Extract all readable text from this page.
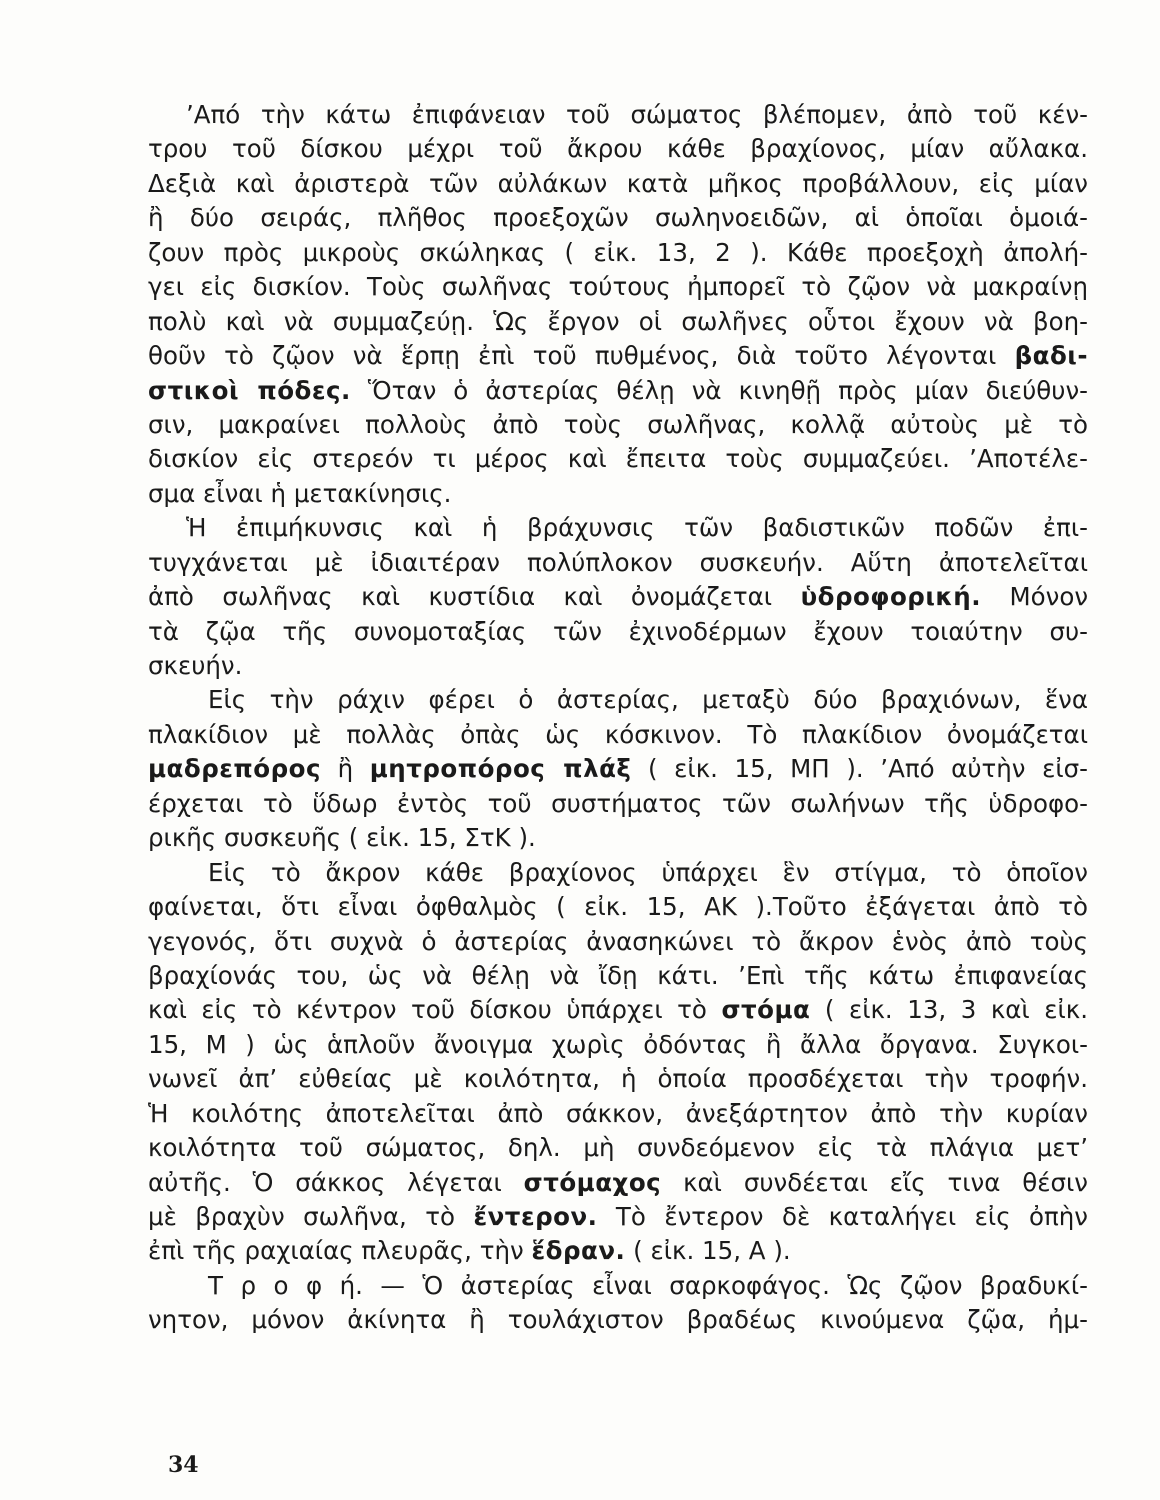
’Από τὴν κάτω ἐπιφάνειαν τοῦ σώματος βλέπομεν, ἀπὸ τοῦ κέν-
τρου τοῦ δίσκου μέχρι τοῦ ἄκρου κάθε βραχίονος, μίαν αὔλακα.
Δεξιὰ καὶ ἀριστερὰ τῶν αὐλάκων κατὰ μῆκος προβάλλουν, εἰς μίαν
ἢ δύο σειράς, πλῆθος προεξοχῶν σωληνοειδῶν, αἱ ὁποῖαι ὁμοιά-
ζουν πρὸς μικροὺς σκώληκας ( εἰκ. 13, 2 ). Κάθε προεξοχὴ ἀπολή-
γει εἰς δισκίον. Τοὺς σωλῆνας τούτους ἠμπορεῖ τὸ ζῷον νὰ μακραίνῃ
πολὺ καὶ νὰ συμμαζεύῃ. Ὡς ἔργον οἱ σωλῆνες οὗτοι ἔχουν νὰ βοη-
θοῦν τὸ ζῷον νὰ ἕρπῃ ἐπὶ τοῦ πυθμένος, διὰ τοῦτο λέγονται βαδι-
στικοὶ πόδες. Ὅταν ὁ ἀστερίας θέλῃ νὰ κινηθῇ πρὸς μίαν διεύθυν-
σιν, μακραίνει πολλοὺς ἀπὸ τοὺς σωλῆνας, κολλᾷ αὐτοὺς μὲ τὸ
δισκίον εἰς στερεόν τι μέρος καὶ ἔπειτα τοὺς συμμαζεύει. ’Αποτέλε-
σμα εἶναι ἡ μετακίνησις.
Ἡ ἐπιμήκυνσις καὶ ἡ βράχυνσις τῶν βαδιστικῶν ποδῶν ἐπι-
τυγχάνεται μὲ ἰδιαιτέραν πολύπλοκον συσκευήν. Αὕτη ἀποτελεῖται
ἀπὸ σωλῆνας καὶ κυστίδια καὶ ὀνομάζεται ὑδροφορική. Μόνον
τὰ ζῷα τῆς συνομοταξίας τῶν ἐχινοδέρμων ἔχουν τοιαύτην συ-
σκευήν.
Εἰς τὴν ράχιν φέρει ὁ ἀστερίας, μεταξὺ δύο βραχιόνων, ἕνα
πλακίδιον μὲ πολλὰς ὀπὰς ὡς κόσκινον. Τὸ πλακίδιον ὀνομάζεται
μαδρεπόρος ἢ μητροπόρος πλάξ ( εἰκ. 15, ΜΠ ). ’Από αὐτὴν εἰσ-
έρχεται τὸ ὕδωρ ἐντὸς τοῦ συστήματος τῶν σωλήνων τῆς ὑδροφο-
ρικῆς συσκευῆς ( εἰκ. 15, ΣτΚ ).
Εἰς τὸ ἄκρον κάθε βραχίονος ὑπάρχει ἓν στίγμα, τὸ ὁποῖον
φαίνεται, ὅτι εἶναι ὀφθαλμὸς ( εἰκ. 15, ΑΚ ).Τοῦτο ἐξάγεται ἀπὸ τὸ
γεγονός, ὅτι συχνὰ ὁ ἀστερίας ἀνασηκώνει τὸ ἄκρον ἑνὸς ἀπὸ τοὺς
βραχίονάς του, ὡς νὰ θέλῃ νὰ ἴδῃ κάτι. ’Επὶ τῆς κάτω ἐπιφανείας
καὶ εἰς τὸ κέντρον τοῦ δίσκου ὑπάρχει τὸ στόμα ( εἰκ. 13, 3 καὶ εἰκ.
15, Μ ) ὡς ἁπλοῦν ἄνοιγμα χωρὶς ὀδόντας ἢ ἄλλα ὄργανα. Συγκοι-
νωνεῖ ἀπ’ εὐθείας μὲ κοιλότητα, ἡ ὁποία προσδέχεται τὴν τροφήν.
Ἡ κοιλότης ἀποτελεῖται ἀπὸ σάκκον, ἀνεξάρτητον ἀπὸ τὴν κυρίαν
κοιλότητα τοῦ σώματος, δηλ. μὴ συνδεόμενον εἰς τὰ πλάγια μετ’
αὐτῆς. Ὁ σάκκος λέγεται στόμαχος καὶ συνδέεται εἴς τινα θέσιν
μὲ βραχὺν σωλῆνα, τὸ ἔντερον. Τὸ ἔντερον δὲ καταλήγει εἰς ὀπὴν
ἐπὶ τῆς ραχιαίας πλευρᾶς, τὴν ἕδραν. ( εἰκ. 15, Α ).
Τ ρ ο φ ή. — Ὁ ἀστερίας εἶναι σαρκοφάγος. Ὡς ζῷον βραδυκί-
νητον, μόνον ἀκίνητα ἢ τουλάχιστον βραδέως κινούμενα ζῷα, ἠμ-
34
